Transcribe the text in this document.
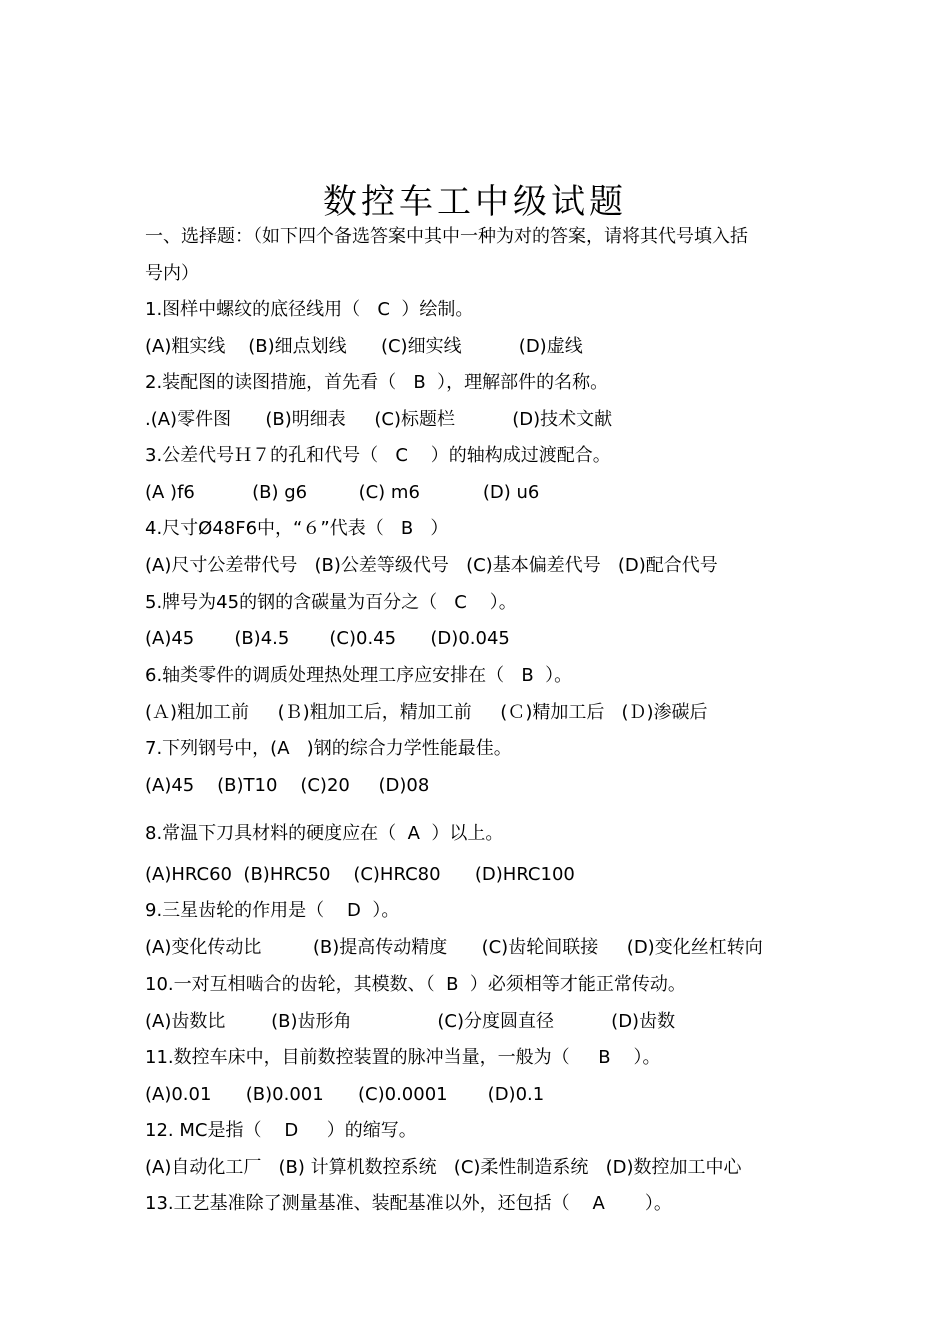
数控车工中级试题
一、选择题：（如下四个备选答案中其中一种为对的答案，请将其代号填入括
号内）
1.图样中螺纹的底径线用（   C  ）绘制。
(A)粗实线    (B)细点划线      (C)细实线          (D)虚线
2.装配图的读图措施，首先看（   B  ），理解部件的名称。
.(A)零件图      (B)明细表     (C)标题栏          (D)技术文献
3.公差代号Ｈ７的孔和代号（   C    ）的轴构成过渡配合。
(A )f6          (B) g6         (C) m6           (D) u6
4.尺寸Ø48F6中，“６”代表（   B   ）
(A)尺寸公差带代号   (B)公差等级代号   (C)基本偏差代号   (D)配合代号
5.牌号为45的钢的含碳量为百分之（   C    ）。
(A)45       (B)4.5       (C)0.45      (D)0.045
6.轴类零件的调质处理热处理工序应安排在（   B  ）。
(Ａ)粗加工前     (Ｂ)粗加工后，精加工前     (Ｃ)精加工后   (Ｄ)渗碳后
7.下列钢号中，(A   )钢的综合力学性能最佳。
(A)45    (B)T10    (C)20     (D)08
8.常温下刀具材料的硬度应在（  A  ）以上。
(A)HRC60  (B)HRC50    (C)HRC80      (D)HRC100
9.三星齿轮的作用是（    D  ）。
(A)变化传动比         (B)提高传动精度      (C)齿轮间联接     (D)变化丝杠转向
10.一对互相啮合的齿轮，其模数、（  B  ）必须相等才能正常传动。
(A)齿数比        (B)齿形角               (C)分度圆直径          (D)齿数
11.数控车床中，目前数控装置的脉冲当量，一般为（     B    ）。
(A)0.01      (B)0.001      (C)0.0001       (D)0.1
12. MC是指（    D     ）的缩写。
(A)自动化工厂   (B) 计算机数控系统   (C)柔性制造系统   (D)数控加工中心
13.工艺基准除了测量基准、装配基准以外，还包括（    A       ）。
